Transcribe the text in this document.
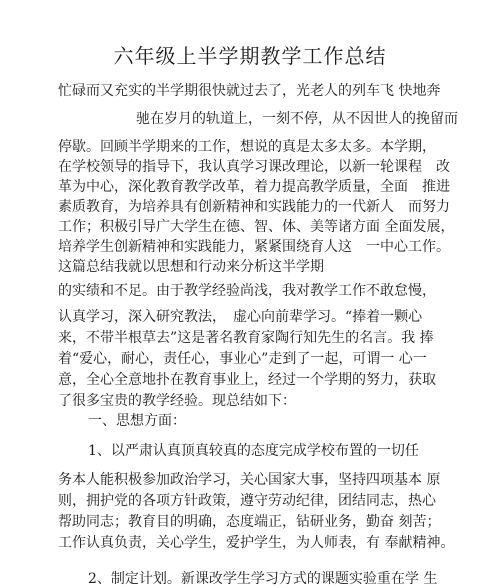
六年级上半学期教学工作总结
忙碌而又充实的半学期很快就过去了，光老人的列车飞 快地奔
驰在岁月的轨道上，一刻不停，从不因世人的挽留而
停歇。回顾半学期来的工作，想说的真是太多太多。本学期，
在学校领导的指导下，我认真学习课改理论，以新一轮课程　改
革为中心，深化教育教学改革，着力提高教学质量，全面　推进
素质教育，为培养具有创新精神和实践能力的一代新人　而努力
工作；积极引导广大学生在德、智、体、美等诸方面 全面发展，
培养学生创新精神和实践能力，紧紧围绕育人这　一中心工作。
这篇总结我就以思想和行动来分析这半学期
的实绩和不足。由于教学经验尚浅，我对教学工作不敢怠慢，
认真学习，深入研究教法，　虚心向前辈学习。“捧着一颗心
来，不带半根草去”这是著名教育家陶行知先生的名言。我 捧
着“爱心，耐心，责任心，事业心”走到了一起，可谓一 心一
意，全心全意地扑在教育事业上，经过一个学期的努力，获取
了很多宝贵的教学经验。现总结如下：
一、思想方面：
1、以严肃认真顶真较真的态度完成学校布置的一切任
务本人能积极参加政治学习，关心国家大事，坚持四项基本 原
则，拥护党的各项方针政策，遵守劳动纪律，团结同志，热心
帮助同志；教育目的明确，态度端正，钻研业务，勤奋 刻苦；
工作认真负责，关心学生，爱护学生，为人师表，有 奉献精神。
2、制定计划。新课改学生学习方式的课题实验重在学 生
